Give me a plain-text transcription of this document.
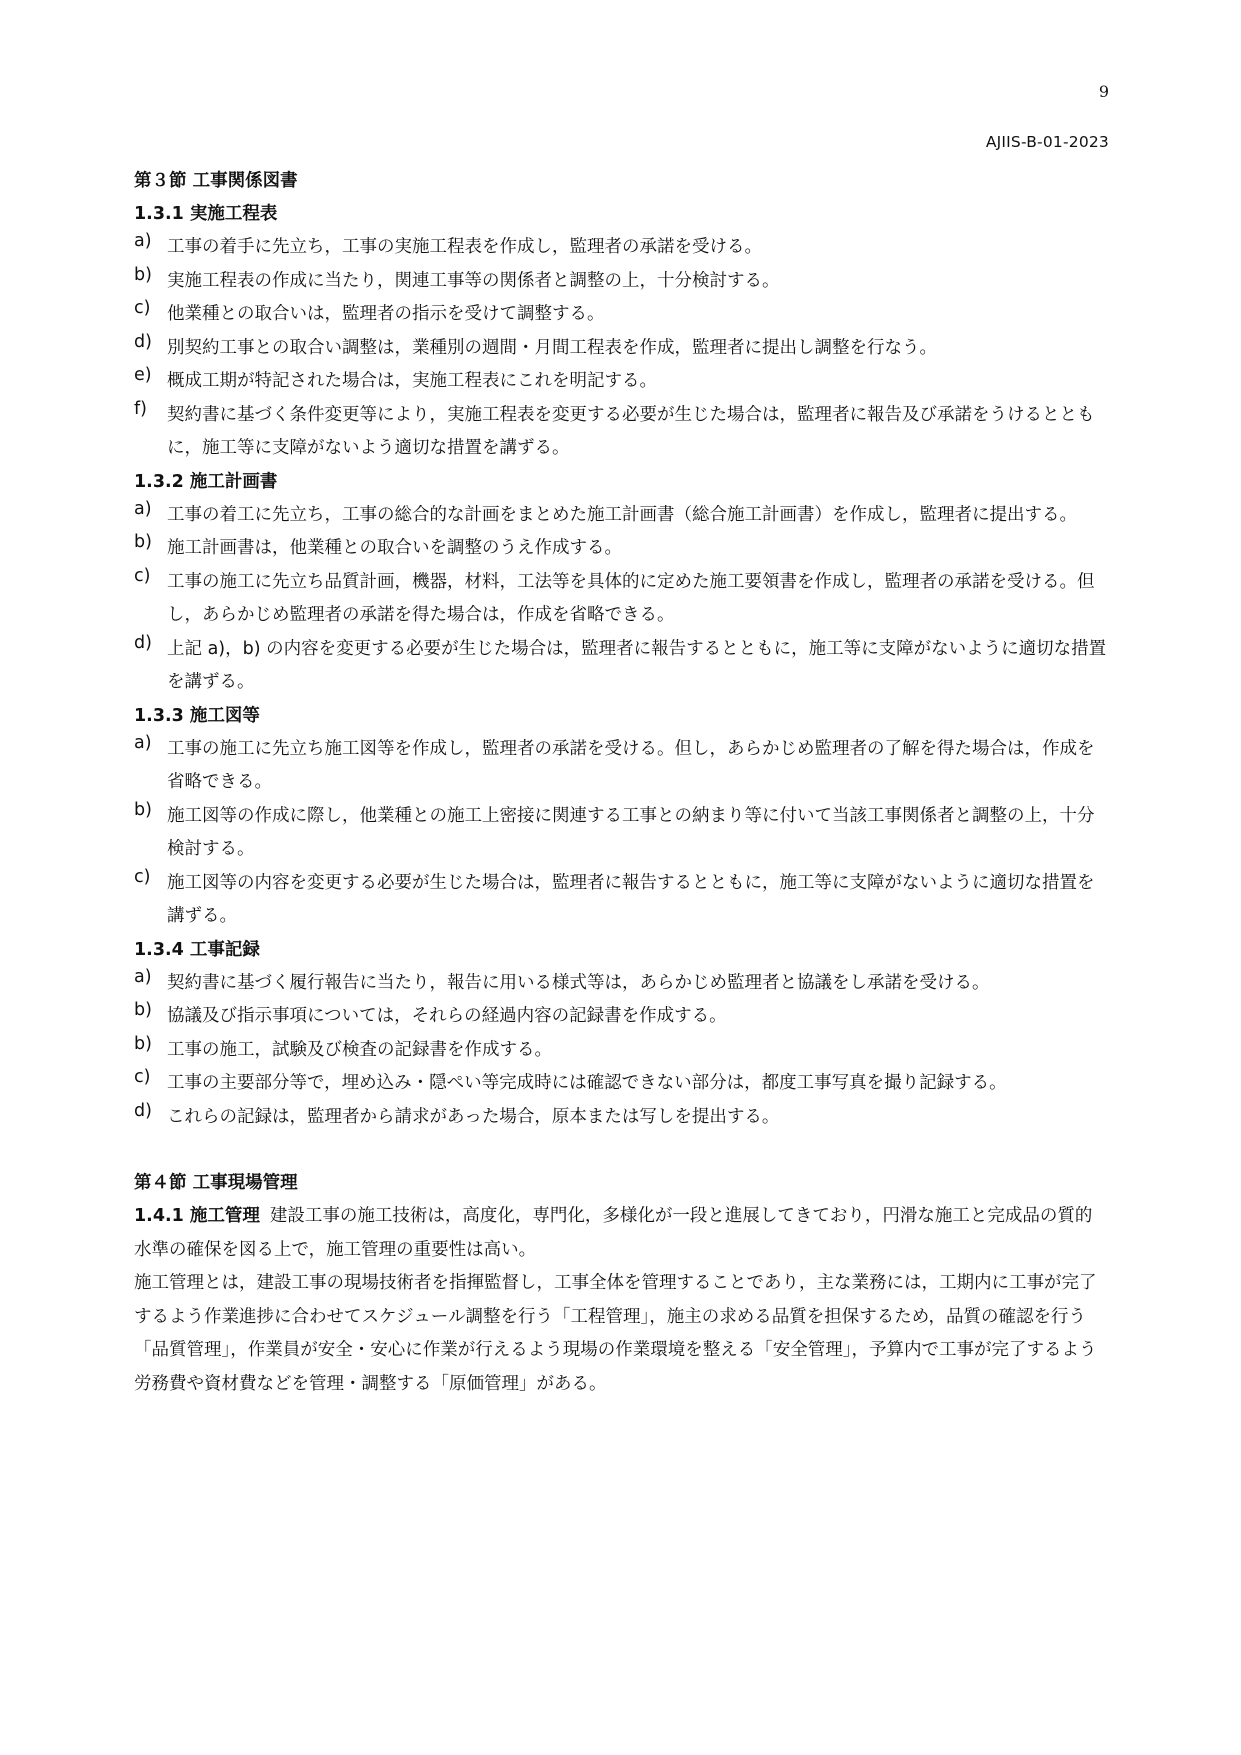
9
AJIIS-B-01-2023
第３節 工事関係図書
1.3.1 実施工程表
a) 工事の着手に先立ち，工事の実施工程表を作成し，監理者の承諾を受ける。
b) 実施工程表の作成に当たり，関連工事等の関係者と調整の上，十分検討する。
c) 他業種との取合いは，監理者の指示を受けて調整する。
d) 別契約工事との取合い調整は，業種別の週間・月間工程表を作成，監理者に提出し調整を行なう。
e) 概成工期が特記された場合は，実施工程表にこれを明記する。
f)	契約書に基づく条件変更等により，実施工程表を変更する必要が生じた場合は，監理者に報告及び承諾をうけるとともに，施工等に支障がないよう適切な措置を講ずる。
1.3.2 施工計画書
a) 工事の着工に先立ち，工事の総合的な計画をまとめた施工計画書（総合施工計画書）を作成し，監理者に提出する。
b) 施工計画書は，他業種との取合いを調整のうえ作成する。
c) 工事の施工に先立ち品質計画，機器，材料，工法等を具体的に定めた施工要領書を作成し，監理者の承諾を受ける。但し，あらかじめ監理者の承諾を得た場合は，作成を省略できる。
d) 上記 a)，b) の内容を変更する必要が生じた場合は，監理者に報告するとともに，施工等に支障がないように適切な措置を講ずる。
1.3.3 施工図等
a) 工事の施工に先立ち施工図等を作成し，監理者の承諾を受ける。但し，あらかじめ監理者の了解を得た場合は，作成を省略できる。
b) 施工図等の作成に際し，他業種との施工上密接に関連する工事との納まり等に付いて当該工事関係者と調整の上，十分検討する。
c) 施工図等の内容を変更する必要が生じた場合は，監理者に報告するとともに，施工等に支障がないように適切な措置を講ずる。
1.3.4 工事記録
a) 契約書に基づく履行報告に当たり，報告に用いる様式等は，あらかじめ監理者と協議をし承諾を受ける。
b) 協議及び指示事項については，それらの経過内容の記録書を作成する。
b) 工事の施工，試験及び検査の記録書を作成する。
c) 工事の主要部分等で，埋め込み・隠ぺい等完成時には確認できない部分は，都度工事写真を撮り記録する。
d) これらの記録は，監理者から請求があった場合，原本または写しを提出する。
第４節 工事現場管理
1.4.1 施工管理 建設工事の施工技術は，高度化，専門化，多様化が一段と進展してきており，円滑な施工と完成品の質的水準の確保を図る上で，施工管理の重要性は高い。
施工管理とは，建設工事の現場技術者を指揮監督し，工事全体を管理することであり，主な業務には，工期内に工事が完了するよう作業進捗に合わせてスケジュール調整を行う「工程管理」，施主の求める品質を担保するため，品質の確認を行う「品質管理」，作業員が安全・安心に作業が行えるよう現場の作業環境を整える「安全管理」，予算内で工事が完了するよう労務費や資材費などを管理・調整する「原価管理」がある。
